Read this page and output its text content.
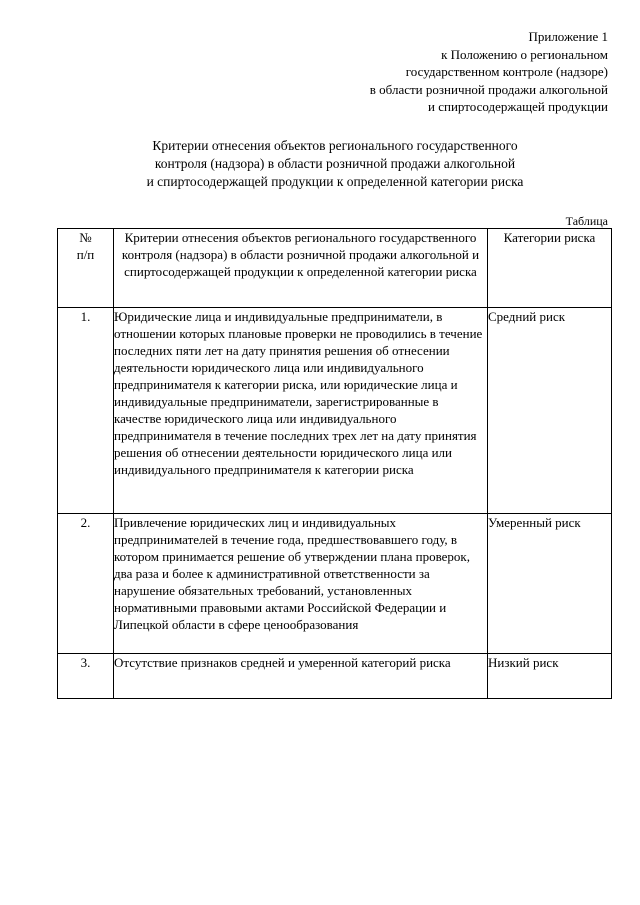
Приложение 1
к Положению о региональном
государственном контроле (надзоре)
в области розничной продажи алкогольной
и спиртосодержащей продукции
Критерии отнесения объектов регионального государственного
контроля (надзора) в области розничной продажи алкогольной
и спиртосодержащей продукции к определенной категории риска
Таблица
№
п/п	Критерии отнесения объектов регионального государственного контроля (надзора) в области розничной продажи алкогольной и спиртосодержащей продукции к определенной категории риска	Категории риска
1.	Юридические лица и индивидуальные предприниматели, в отношении которых плановые проверки не проводились в течение последних пяти лет на дату принятия решения об отнесении деятельности юридического лица или индивидуального предпринимателя к категории риска, или юридические лица и индивидуальные предприниматели, зарегистрированные в качестве юридического лица или индивидуального предпринимателя в течение последних трех лет на дату принятия решения об отнесении деятельности юридического лица или индивидуального предпринимателя к категории риска	Средний риск
2.	Привлечение юридических лиц и индивидуальных предпринимателей в течение года, предшествовавшего году, в котором принимается решение об утверждении плана проверок, два раза и более к административной ответственности за нарушение обязательных требований, установленных нормативными правовыми актами Российской Федерации и Липецкой области в сфере ценообразования	Умеренный риск
3.	Отсутствие признаков средней и умеренной категорий риска	Низкий риск
